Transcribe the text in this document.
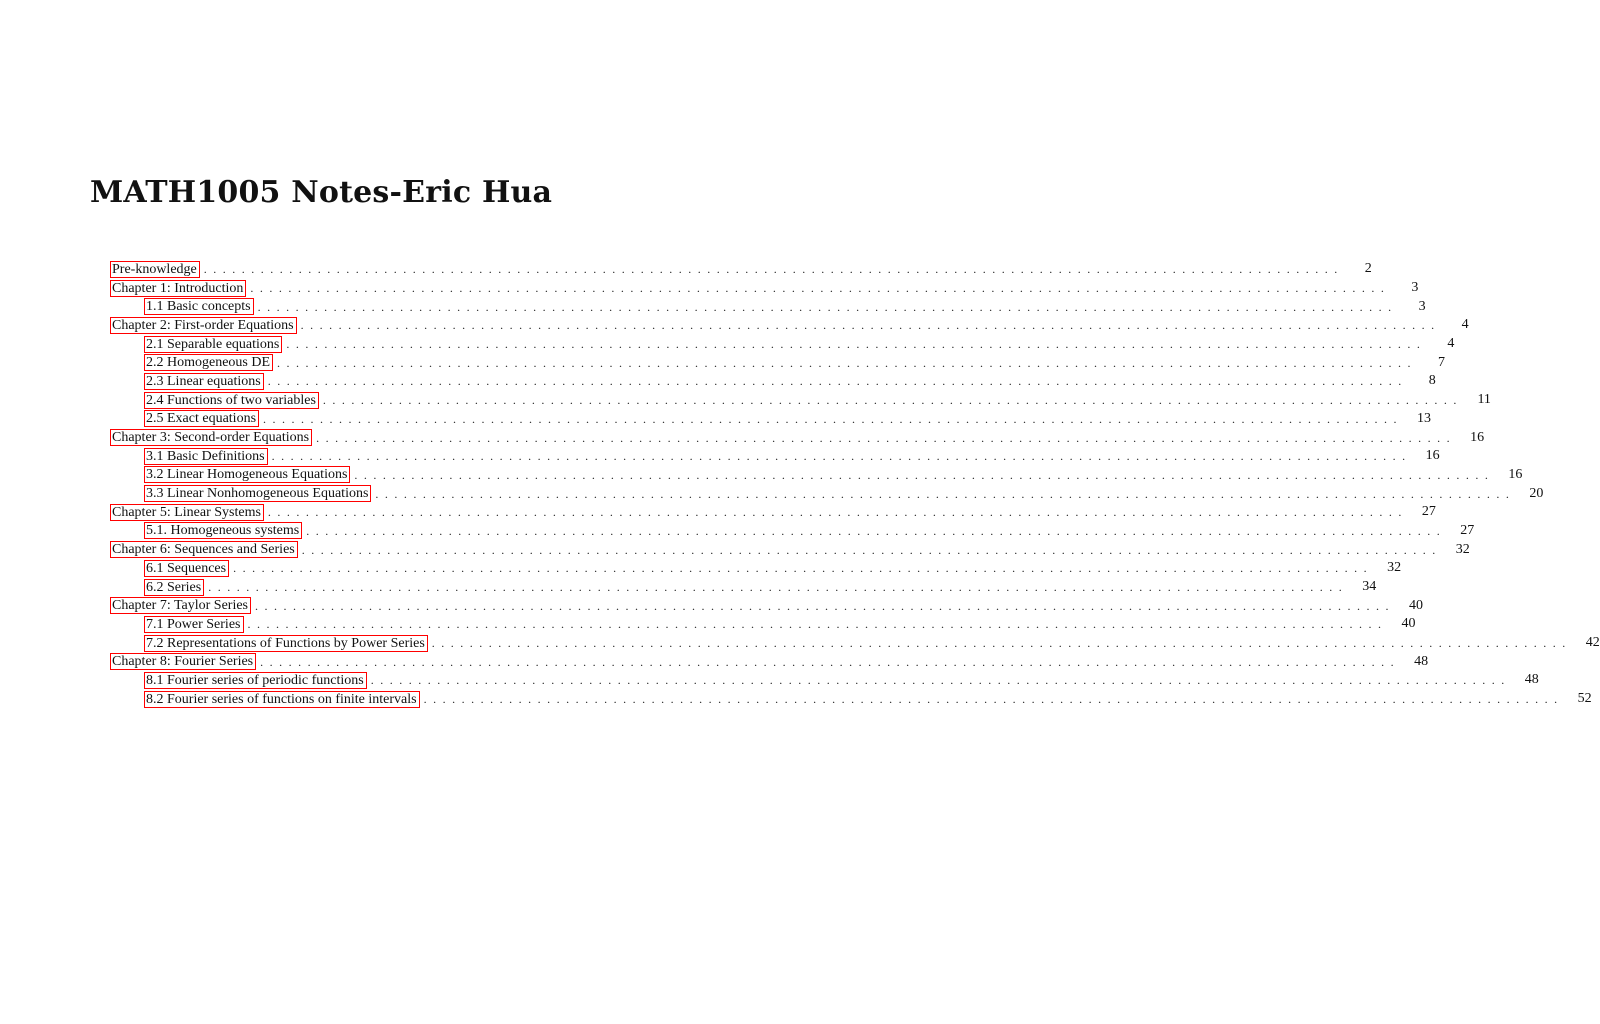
MATH1005 Notes-Eric Hua
Pre-knowledge ........................................................................................................................	2
Chapter 1: Introduction ........................................................................................................................	3
1.1 Basic concepts ........................................................................................................................	3
Chapter 2: First-order Equations ........................................................................................................................	4
2.1 Separable equations ........................................................................................................................	4
2.2 Homogeneous DE ........................................................................................................................	7
2.3 Linear equations ........................................................................................................................	8
2.4 Functions of two variables ........................................................................................................................	11
2.5 Exact equations ........................................................................................................................	13
Chapter 3: Second-order Equations ........................................................................................................................	16
3.1 Basic Definitions ........................................................................................................................	16
3.2 Linear Homogeneous Equations ........................................................................................................................	16
3.3 Linear Nonhomogeneous Equations ........................................................................................................................	20
Chapter 5: Linear Systems ........................................................................................................................	27
5.1. Homogeneous systems ........................................................................................................................	27
Chapter 6: Sequences and Series ........................................................................................................................	32
6.1 Sequences ........................................................................................................................	32
6.2 Series ........................................................................................................................	34
Chapter 7: Taylor Series ........................................................................................................................	40
7.1 Power Series ........................................................................................................................	40
7.2 Representations of Functions by Power Series ........................................................................................................................	42
Chapter 8: Fourier Series ........................................................................................................................	48
8.1 Fourier series of periodic functions ........................................................................................................................	48
8.2 Fourier series of functions on finite intervals ........................................................................................................................	52
